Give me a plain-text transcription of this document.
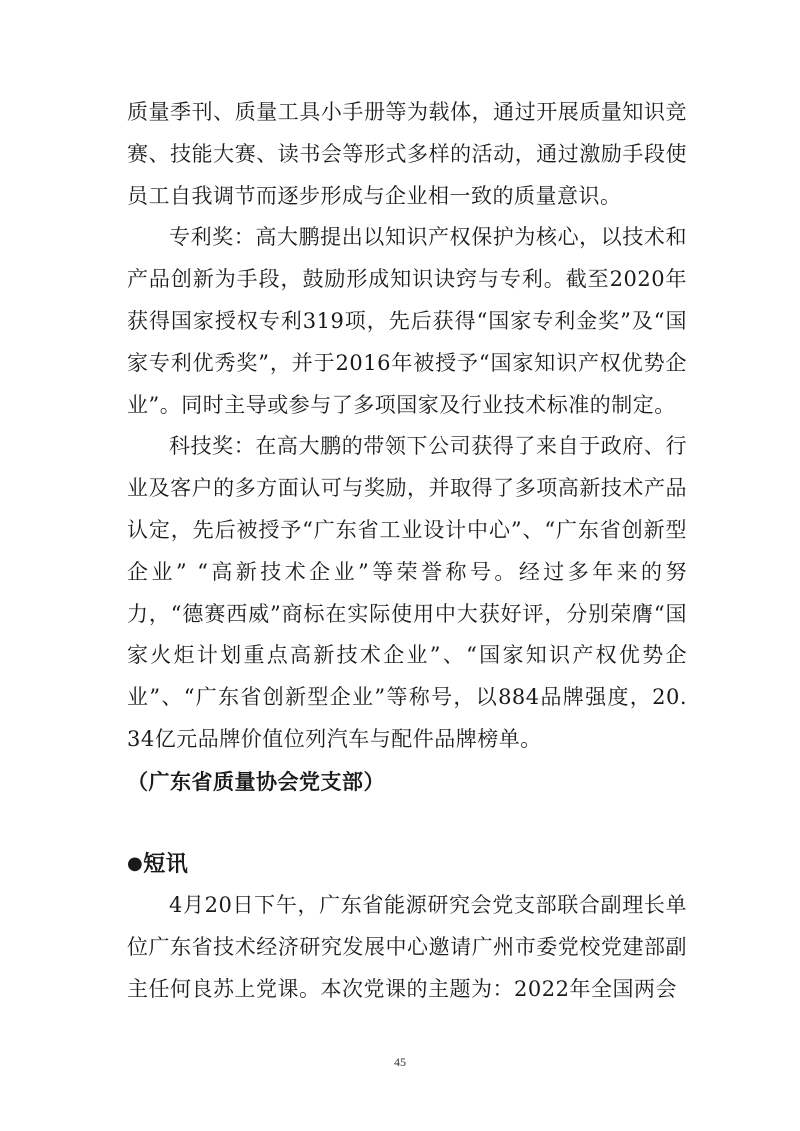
质量季刊、质量工具小手册等为载体，通过开展质量知识竞赛、技能大赛、读书会等形式多样的活动，通过激励手段使员工自我调节而逐步形成与企业相一致的质量意识。

专利奖：高大鹏提出以知识产权保护为核心，以技术和产品创新为手段，鼓励形成知识诀窍与专利。截至2020年获得国家授权专利319项，先后获得“国家专利金奖”及“国家专利优秀奖”，并于2016年被授予“国家知识产权优势企业”。同时主导或参与了多项国家及行业技术标准的制定。

科技奖：在高大鹏的带领下公司获得了来自于政府、行业及客户的多方面认可与奖励，并取得了多项高新技术产品认定，先后被授予“广东省工业设计中心”、“广东省创新型企业” “高新技术企业”等荣誉称号。经过多年来的努力，“德赛西威”商标在实际使用中大获好评，分别荣膺“国家火炬计划重点高新技术企业”、“国家知识产权优势企业”、“广东省创新型企业”等称号，以884品牌强度，20. 34亿元品牌价值位列汽车与配件品牌榜单。

（广东省质量协会党支部）

●短讯

4月20日下午，广东省能源研究会党支部联合副理长单位广东省技术经济研究发展中心邀请广州市委党校党建部副主任何良苏上党课。本次党课的主题为：2022年全国两会

45
